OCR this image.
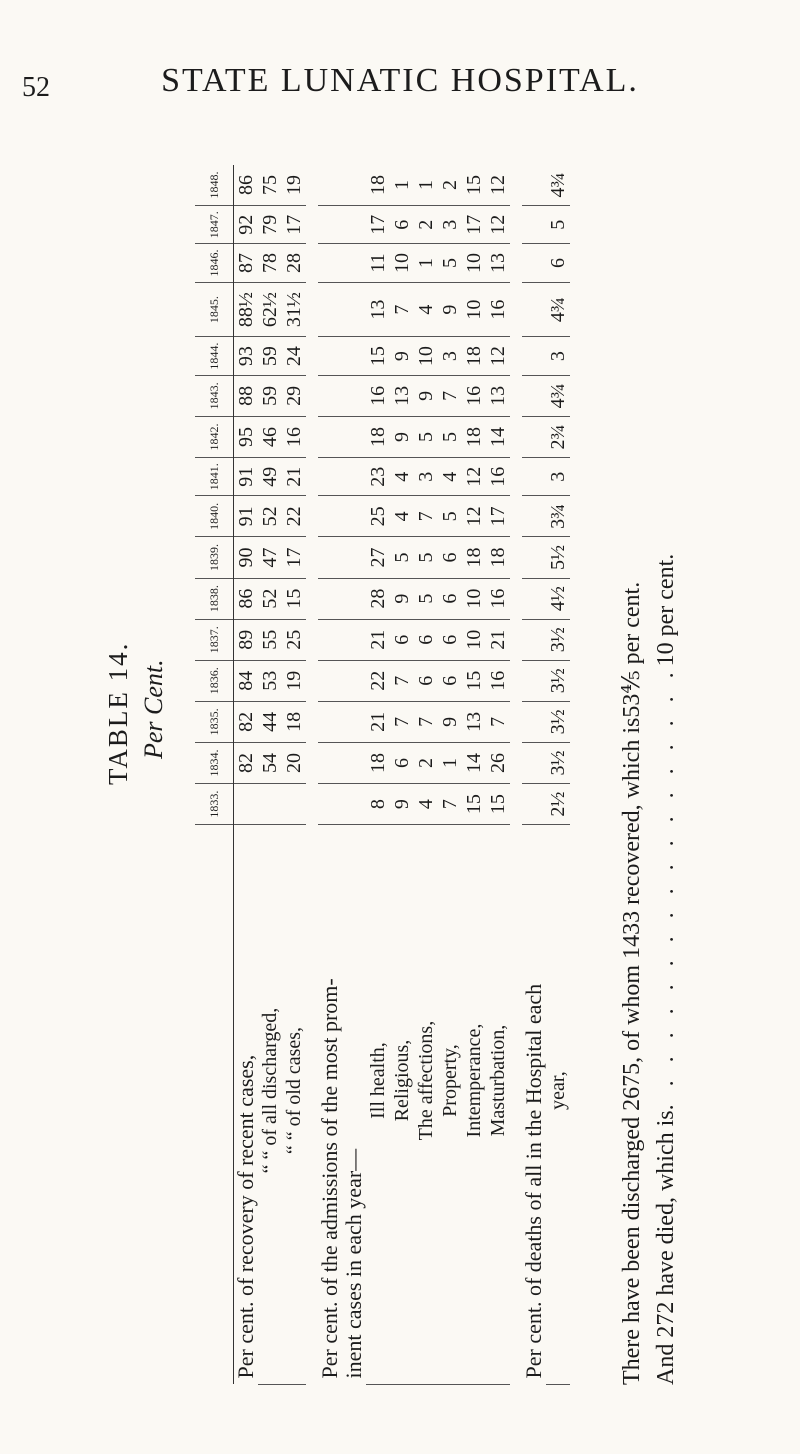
52	STATE LUNATIC HOSPITAL.
TABLE 14. Per Cent.
	1833.	1834.	1835.	1836.	1837.	1838.	1839.	1840.	1841.	1842.	1843.	1844.	1845.	1846.	1847.	1848.
Per cent. of recovery of recent cases,		82	82	84	89	86	90	91	91	95	88	93	88½	87	92	86
“ “ of all discharged,		54	44	53	55	52	47	52	49	46	59	59	62½	78	79	75
“ “ of old cases,		20	18	19	25	15	17	22	21	16	29	24	31½	28	17	19

Per cent. of the admissions of the most prom-																
inent cases in each year—																
Ill health,	8	18	21	22	21	28	27	25	23	18	16	15	13	11	17	18
Religious,	9	6	7	7	6	9	5	4	4	9	13	9	7	10	6	1
The affections,	4	2	7	6	6	5	5	7	3	5	9	10	4	1	2	1
Property,	7	1	9	6	6	6	6	5	4	5	7	3	9	5	3	2
Intemperance,	15	14	13	15	10	10	18	12	12	18	16	18	10	10	17	15
Masturbation,	15	26	7	16	21	16	18	17	16	14	13	12	16	13	12	12

Per cent. of deaths of all in the Hospital each																
year,	2½	3½	3½	3½	3½	4½	5½	3¾	3	2¾	4¾	3	4¾	6	5	4¾
There have been discharged 2675, of whom 1433 recovered, which is
53⅘ per cent.
And 272 have died, which is
. . . . . . . . . . . . . . . . . . .
10 per cent.
